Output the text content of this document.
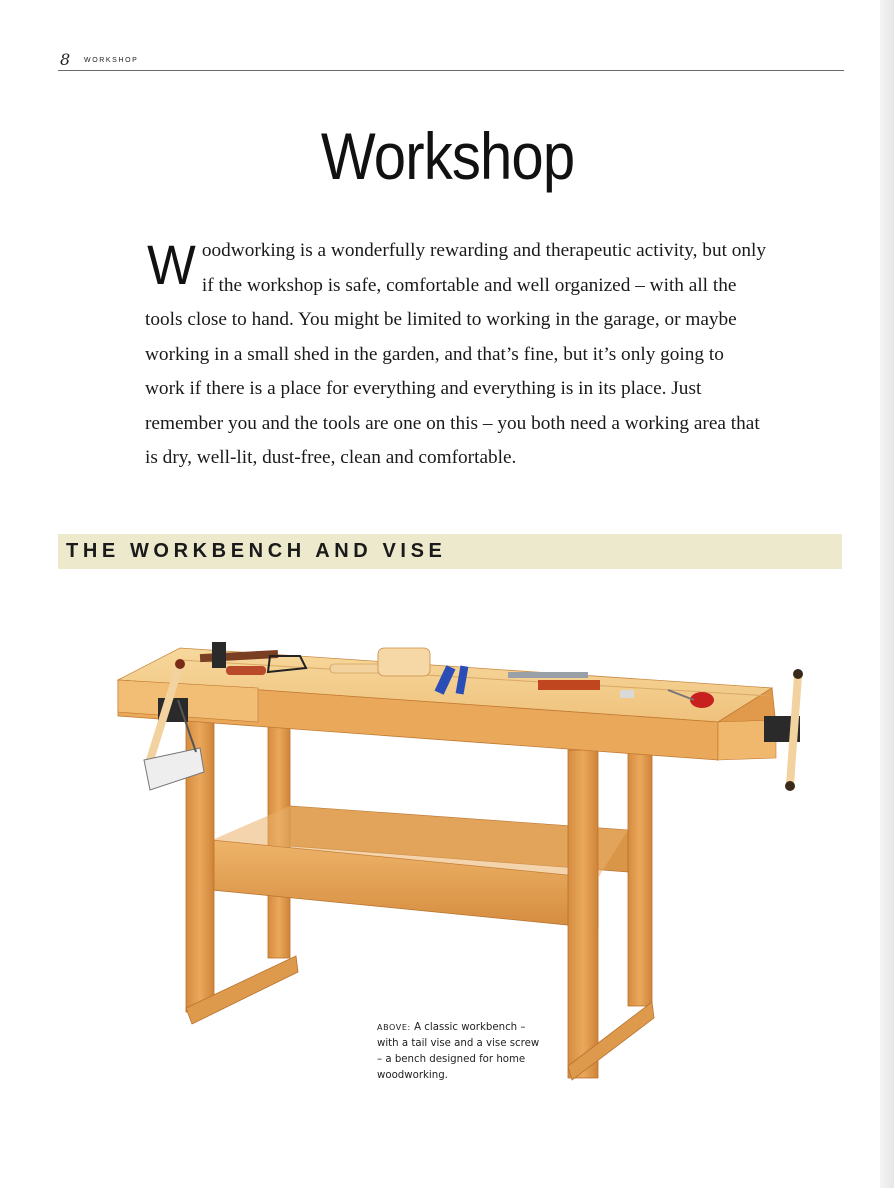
8 WORKSHOP
Workshop

Woodworking is a wonderfully rewarding and therapeutic activity, but only if the workshop is safe, comfortable and well organized – with all the tools close to hand. You might be limited to working in the garage, or maybe working in a small shed in the garden, and that’s fine, but it’s only going to work if there is a place for everything and everything is in its place. Just remember you and the tools are one on this – you both need a working area that is dry, well-lit, dust-free, clean and comfortable.

THE WORKBENCH AND VISE

ABOVE: A classic workbench – with a tail vise and a vise screw – a bench designed for home woodworking.
